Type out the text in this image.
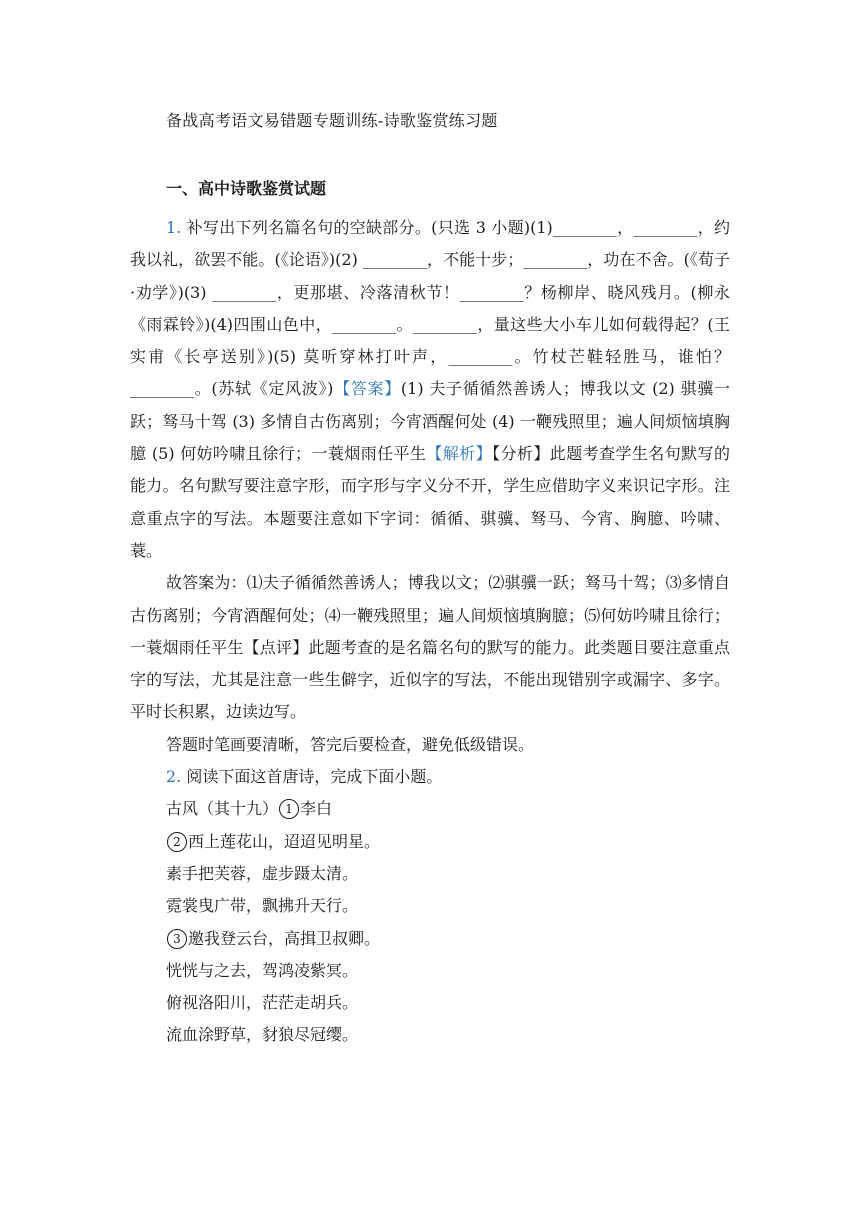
备战高考语文易错题专题训练-诗歌鉴赏练习题
一、高中诗歌鉴赏试题

1. 补写出下列名篇名句的空缺部分。(只选 3 小题)(1)________，________，约我以礼，欲罢不能。(《论语》)(2) ________，不能十步；________，功在不舍。(《荀子·劝学》)(3) ________，更那堪、冷落清秋节！________？杨柳岸、晓风残月。(柳永《雨霖铃》)(4)四围山色中，________。________，量这些大小车儿如何载得起？(王实甫《长亭送别》)(5) 莫听穿林打叶声，________。竹杖芒鞋轻胜马，谁怕？________。(苏轼《定风波》)【答案】(1) 夫子循循然善诱人；博我以文 (2) 骐骥一跃；驽马十驾 (3) 多情自古伤离别；今宵酒醒何处 (4) 一鞭残照里；遍人间烦恼填胸臆 (5) 何妨吟啸且徐行；一蓑烟雨任平生【解析】【分析】此题考查学生名句默写的能力。名句默写要注意字形，而字形与字义分不开，学生应借助字义来识记字形。注意重点字的写法。本题要注意如下字词：循循、骐骥、驽马、今宵、胸臆、吟啸、蓑。

故答案为：⑴夫子循循然善诱人；博我以文；⑵骐骥一跃；驽马十驾；⑶多情自古伤离别；今宵酒醒何处；⑷一鞭残照里；遍人间烦恼填胸臆；⑸何妨吟啸且徐行；一蓑烟雨任平生【点评】此题考查的是名篇名句的默写的能力。此类题目要注意重点字的写法，尤其是注意一些生僻字，近似字的写法，不能出现错别字或漏字、多字。平时长积累，边读边写。

答题时笔画要清晰，答完后要检查，避免低级错误。

2. 阅读下面这首唐诗，完成下面小题。

古风（其十九） 1 李白

2 西上莲花山，迢迢见明星。

素手把芙蓉，虚步蹑太清。

霓裳曳广带，飘拂升天行。

3 邀我登云台，高揖卫叔卿。

恍恍与之去，驾鸿凌紫冥。

俯视洛阳川，茫茫走胡兵。

流血涂野草，豺狼尽冠缨。
